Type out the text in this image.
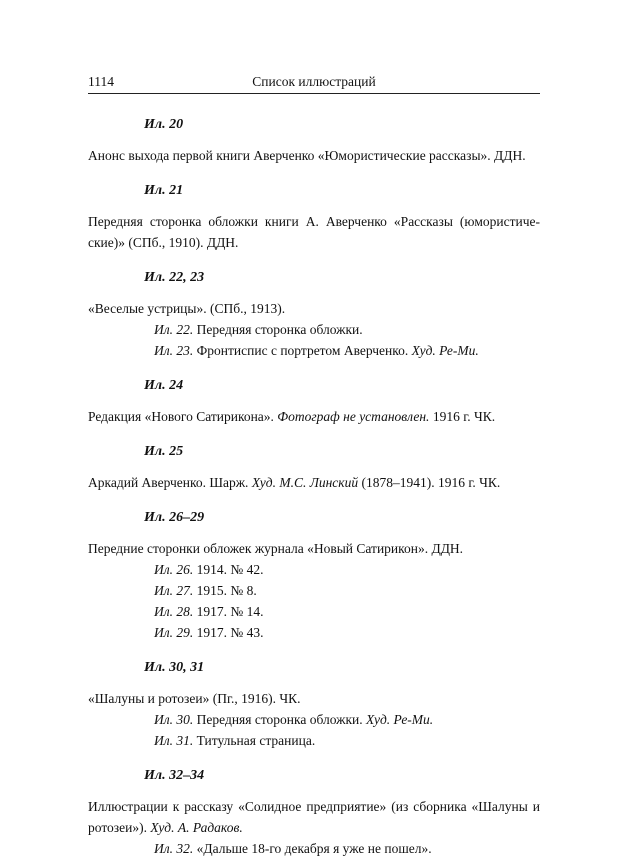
1114	Список иллюстраций

Ил. 20

Анонс выхода первой книги Аверченко «Юмористические рассказы». ДДН.

Ил. 21

Передняя сторонка обложки книги А. Аверченко «Рассказы (юмористиче-ские)» (СПб., 1910). ДДН.

Ил. 22, 23

«Веселые устрицы». (СПб., 1913).

Ил. 22. Передняя сторонка обложки.

Ил. 23. Фронтиспис с портретом Аверченко. Худ. Ре-Ми.

Ил. 24

Редакция «Нового Сатирикона». Фотограф не установлен. 1916 г. ЧК.

Ил. 25

Аркадий Аверченко. Шарж. Худ. М.С. Линский (1878–1941). 1916 г. ЧК.

Ил. 26–29

Передние сторонки обложек журнала «Новый Сатирикон». ДДН.

Ил. 26. 1914. № 42.

Ил. 27. 1915. № 8.

Ил. 28. 1917. № 14.

Ил. 29. 1917. № 43.

Ил. 30, 31

«Шалуны и ротозеи» (Пг., 1916). ЧК.

Ил. 30. Передняя сторонка обложки. Худ. Ре-Ми.

Ил. 31. Титульная страница.

Ил. 32–34

Иллюстрации к рассказу «Солидное предприятие» (из сборника «Шалуны и ротозеи»). Худ. А. Радаков.

Ил. 32. «Дальше 18-го декабря я уже не пошел».
